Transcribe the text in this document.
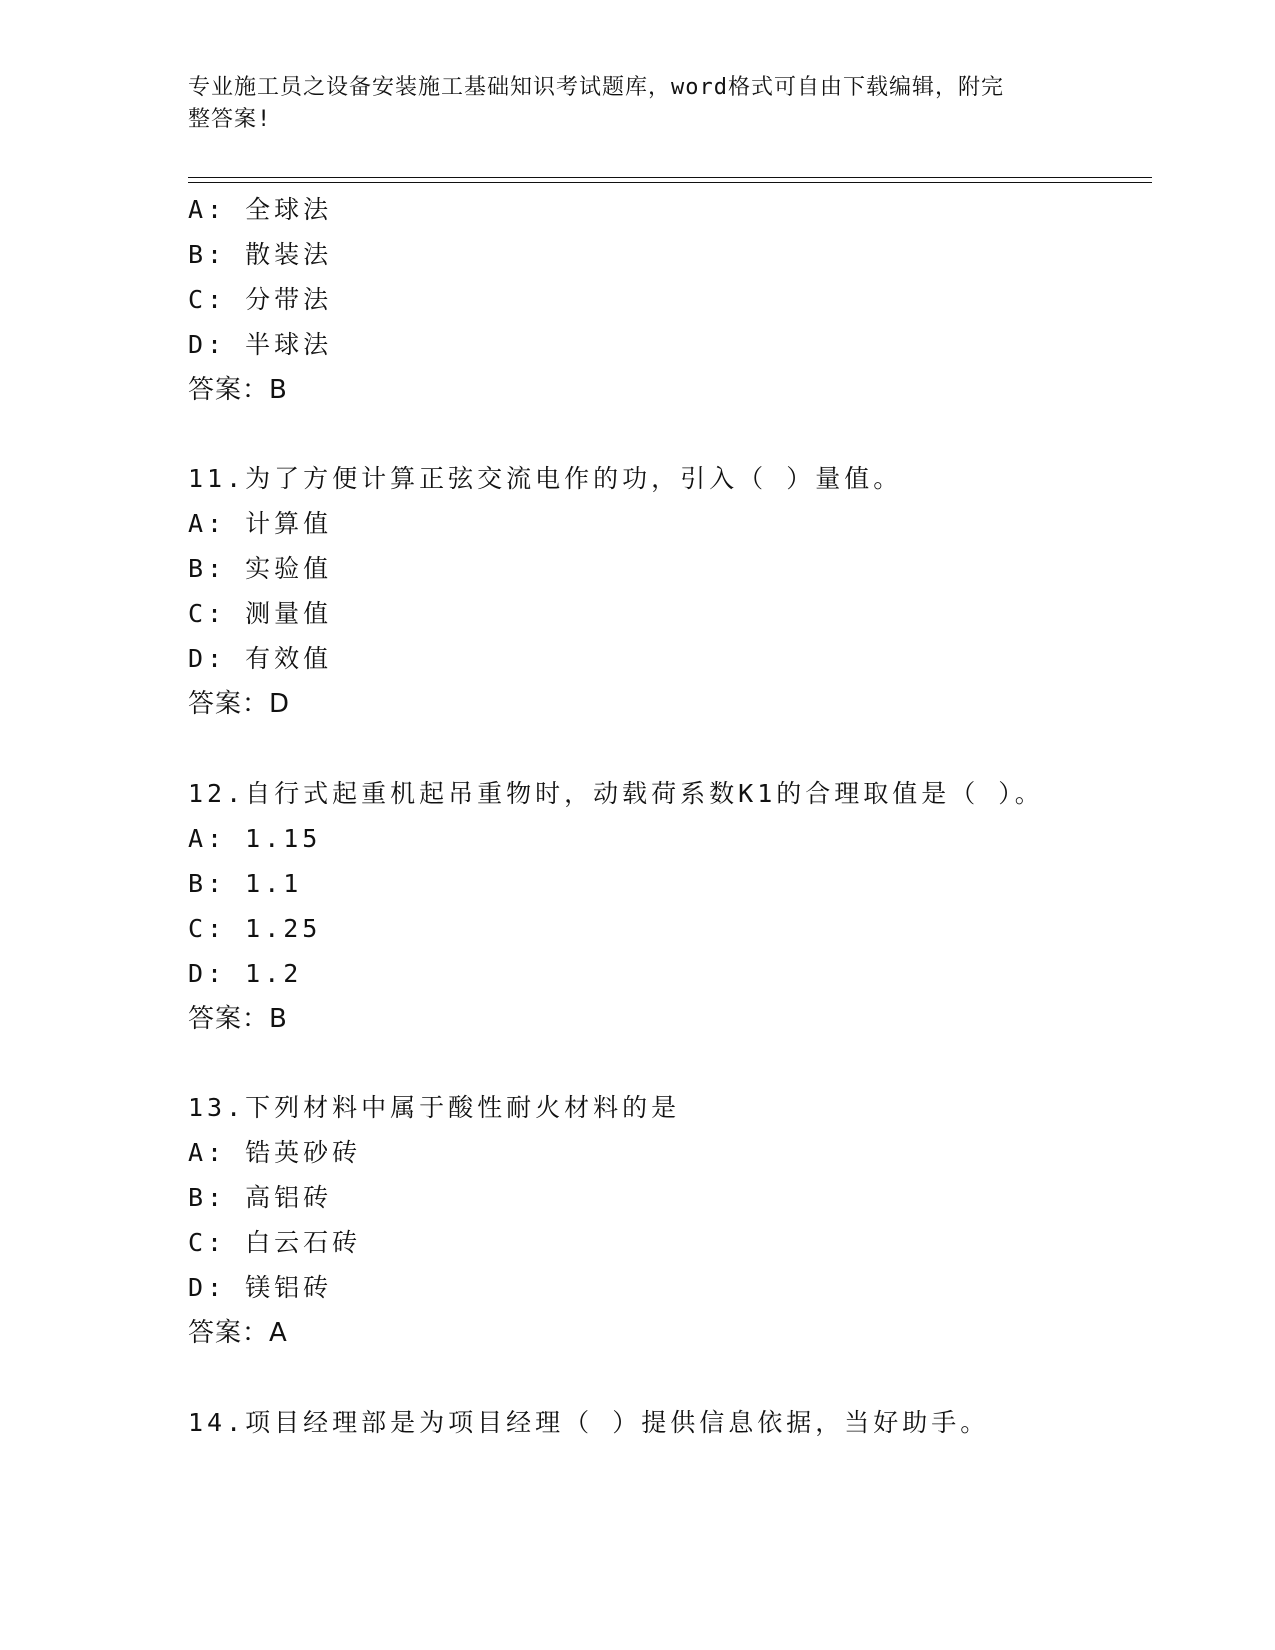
专业施工员之设备安装施工基础知识考试题库，word格式可自由下载编辑，附完
整答案!
A: 全球法
B: 散装法
C: 分带法
D: 半球法
答案：B
11.为了方便计算正弦交流电作的功，引入（ ）量值。
A: 计算值
B: 实验值
C: 测量值
D: 有效值
答案：D
12.自行式起重机起吊重物时，动载荷系数K1的合理取值是（ ）。
A: 1.15
B: 1.1
C: 1.25
D: 1.2
答案：B
13.下列材料中属于酸性耐火材料的是
A: 锆英砂砖
B: 高铝砖
C: 白云石砖
D: 镁铝砖
答案：A
14.项目经理部是为项目经理（ ）提供信息依据，当好助手。
